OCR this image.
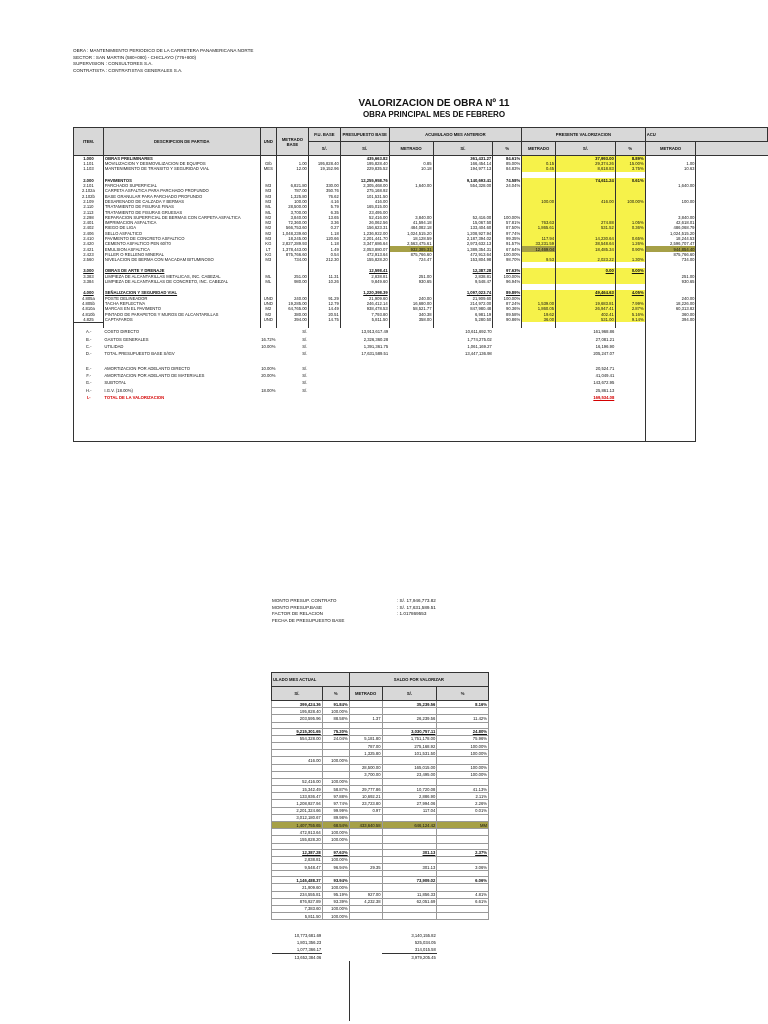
OBRA : MANTENIMIENTO PERIODICO DE LA CARRETERA PANAMERICANA NORTE
SECTOR : SAN MARTIN (580+080) - CHICLAYO (776+800)
SUPERVISION : CONSULTORES S.A.
CONTRATISTA : CONTRATISTAS GENERALES S.A.
VALORIZACION DE OBRA Nº 11
OBRA PRINCIPAL MES DE FEBRERO
ITEM.	DESCRIPCION DE PARTIDA	UND	METRADO BASE	P.U. BASE	PRESUPUESTO BASE	ACUMULADO MES ANTERIOR			PRESENTE VALORIZACION			ACU	
				S/.	S/.	METRADO	S/.	%	METRADO	S/.	%	METRADO	
1.000	OBRAS PRELIMINARES				435,663.82		361,431.27	84.61%		37,993.00	8.89%		
1.101	MOVILIZACION Y DESMOVILIZACION DE EQUIPOS	GIb	1.00	195,828.40	195,828.40	0.85	166,454.14	85.00%	0.15	29,374.26	15.00%	1.00	
1.103	MANTENIMIENTO DE TRANSITO Y SEGURIDAD VIAL	MES	12.00	19,152.96	229,835.52	10.18	194,977.13	84.83%	0.45	8,618.83	3.75%	10.63	

2.000	PAVIMENTOS				12,255,958.76		9,140,693.41	74.58%		74,611.24	0.61%		
2.101	PARCHADO SUPERFICIAL	M3	6,821.80	330.00	2,305,468.00	1,640.00	554,328.00	24.04%				1,640.00	
2.102a	CARPETA ASFALTICA PARA PARCHADO PROFUNDO	M3	787.00	350.76	275,168.92								
2.102b	BASE GRANULAR PARA PARCHADO PROFUNDO	M3	1,325.80	76.62	101,531.50								
2.109	DESARENADO DE CALZADA Y BERMAS	M3	100.00	4.16	416.00				100.00	416.00	100.00%	100.00	
2.110	TRATAMIENTO DE FISURAS FINAS	ML	28,500.00	5.79	165,015.00								
2.113	TRATAMIENTO DE FISURAS GRUESAS	ML	3,700.00	6.35	23,495.00								
2.298	REPARACION SUPERFICIAL DE BERMAS CON CARPETA ASFALTICA	M2	3,840.00	13.65	52,416.00	3,840.00	52,416.00	100.00%				3,840.00	
2.401	IMPRIMACION ASFALTICA	M2	72,360.00	3.36	26,062.56	41,594.18	15,067.50	57.81%	763.63	274.88	1.05%	42,618.01	
2.402	RIEGO DE LIGA	M2	566,753.60	0.27	156,623.31	484,082.18	133,404.60	87.50%	1,865.61	531.52	0.36%	486,068.79	
2.406	SELLO ASFALTICO	M2	1,048,239.60	1.18	1,236,922.00	1,024,515.20	1,208,927.94	97.74%				1,024,515.20	
2.410	PAVIMENTO DE CONCRETO ASFALTICO	M3	18,245.00	120.66	2,201,441.70	18,128.59	2,187,394.02	99.35%	117.94	14,230.64	0.65%	18,244.53	
2.420	CEMENTO ASFALTICO PEN 60/70	KG	2,827,289.93	1.18	3,347,686.64	2,563,475.61	2,973,632.13	91.57%	33,231.59	38,548.64	1.26%	2,596,707.47	
2.421	EMULSION ASFALTICA	LT	1,378,443.00	1.49	2,053,880.07	932,385.31	1,389,354.31	67.64%	12,469.04	18,485.34	0.90%	944,854.40	
2.423	FILLER O RELLENO MINERAL	KG	875,766.60	0.54	472,913.64	875,766.60	472,913.64	100.00%				875,766.60	
2.560	NIVELACION DE BERMA CON MACADAM BITUMINOSO	M3	734.00	212.30	155,828.20	724.47	153,804.98	98.70%	9.53	2,023.22	1.30%	734.00	

3.000	OBRAS DE ARTE Y DRENAJE				12,598.41		12,387.28	97.63%		0.00	0.00%		
3.383	LIMPIEZA DE ALCANTARILLAS METALICAS, INC. CABEZAL	ML	251.00	11.31	2,838.81	251.00	2,838.81	100.00%				251.00	
3.384	LIMPIEZA DE ALCANTARILLAS DE CONCRETO, INC. CABEZAL	ML	980.00	10.26	9,849.60	930.65	9,548.47	96.94%				930.65	

4.000	SEÑALIZACION Y SEGURIDAD VIAL				1,220,398.39		1,097,023.74	89.89%		49,464.63	4.05%		
4.805a	POSTE DELINEADOR	UND	240.00	91.29	21,909.60	240.00	21,909.60	100.00%				240.00	
4.805b	TACHA REFLECTIVA	UND	19,285.00	12.79	246,412.14	16,680.00	214,972.00	87.24%	1,539.00	19,683.81	7.99%	18,226.00	
4.810a	MARCAS EN EL PAVIMENTO	M2	64,765.00	14.49	938,478.53	58,521.77	847,980.48	90.36%	1,860.05	26,947.41	2.87%	60,313.82	
4.810b	PINTADO DE PARAPETOS Y MUROS DE ALCANTARILLAS	M2	380.00	20.51	7,793.80	340.38	6,981.19	89.58%	19.62	402.41	5.16%	360.00	
4.825	CAPTAFAROS	UND	394.00	14.75	5,811.50	358.00	5,280.50	90.86%	36.00	531.00	9.14%	394.00	

A.-	COSTO DIRECTO		S/.		13,913,617.49		10,611,692.70			161,968.86			
B.-	GASTOS GENERALES	16.72%	S/.		2,326,360.28		1,774,275.02			27,081.21			
C.-	UTILIDAD	10.00%	S/.		1,391,361.75		1,061,169.27			16,196.90			
D.-	TOTAL PRESUPUESTO BASE S/IGV		S/.		17,631,589.51		13,447,136.98			205,247.07			

E.-	AMORTIZACION POR ADELANTO DIRECTO	10.00%	S/.							20,524.71			
F.-	AMORTIZACION POR ADELANTO DE MATERIALES	20.00%	S/.							41,049.41			
G.-	SUBTOTAL		S/.							143,672.95			
H.-	I.G.V. (18.00%)	18.00%	S/.							25,861.13			
I.-	TOTAL DE LA VALORIZACION									169,534.08			

MONTO PRESUP. CONTRATO	: S/. 17,946,773.82
MONTO PRESUP.BASE	: S/. 17,631,589.51
FACTOR DE RELACION	: 1.017869553
FECHA DE PRESUPUESTO BASE
ULADO MES ACTUAL		SALDO POR VALORIZAR		
S/.	%	METRADO	S/.	%
399,424.36	91.84%		35,239.56	8.16%
195,828.40	100.00%			
203,595.96	88.58%	1.37	26,239.56	11.42%

9,215,301.65	75.20%		3,030,757.11	24.80%
554,328.00	24.04%	5,181.80	1,751,178.00	75.96%
		787.00	275,168.92	100.00%
		1,325.80	101,531.50	100.00%
416.00	100.00%			
		28,500.00	165,015.00	100.00%
		3,700.00	23,495.00	100.00%
52,416.00	100.00%			
15,342.49	58.87%	29,777.86	10,720.08	41.13%
133,936.47	97.88%	10,692.21	2,886.90	2.11%
1,208,927.94	97.74%	23,723.80	27,994.06	2.26%
2,201,324.66	99.99%	0.97	117.04	0.01%
3,012,180.67	89.98%			
1,407,755.65	68.54%	433,640.58	646,124.42	MM
472,913.64	100.00%			
155,828.20	100.00%			

12,387.28	97.63%		301.13	2.37%
2,838.81	100.00%			
9,548.47	96.94%	29.35	301.13	3.06%

1,146,488.37	93.94%		73,909.02	6.06%
21,909.60	100.00%			
234,555.81	95.19%	927.00	11,856.33	4.81%
876,927.89	93.39%	4,232.38	62,051.69	6.61%
7,383.60	100.00%			
5,811.50	100.00%			

10,773,681.69			3,140,155.82	
1,801,356.23			525,034.05	
1,077,366.17			314,015.58	
13,652,384.06			3,979,205.45	
